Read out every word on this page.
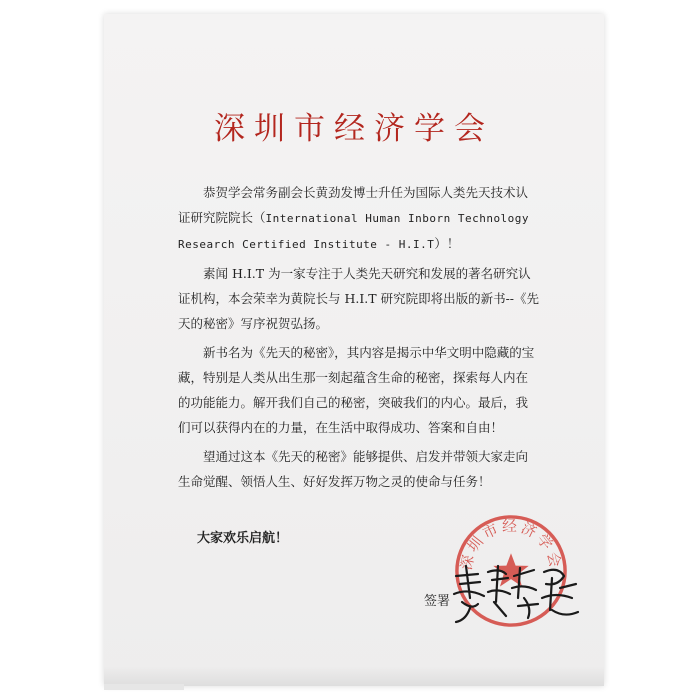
深圳市经济学会

恭贺学会常务副会长黄劲发博士升任为国际人类先天技术认证研究院院长（International Human Inborn Technology Research Certified Institute - H.I.T）！

素闻 H.I.T 为一家专注于人类先天研究和发展的著名研究认证机构，本会荣幸为黄院长与 H.I.T 研究院即将出版的新书--《先天的秘密》写序祝贺弘扬。

新书名为《先天的秘密》，其内容是揭示中华文明中隐藏的宝藏，特别是人类从出生那一刻起蕴含生命的秘密，探索每人内在的功能能力。解开我们自己的秘密，突破我们的内心。最后，我们可以获得内在的力量，在生活中取得成功、答案和自由！

望通过这本《先天的秘密》能够提供、启发并带领大家走向生命觉醒、领悟人生、好好发挥万物之灵的使命与任务！

大家欢乐启航！
深圳市经济学会
签署
